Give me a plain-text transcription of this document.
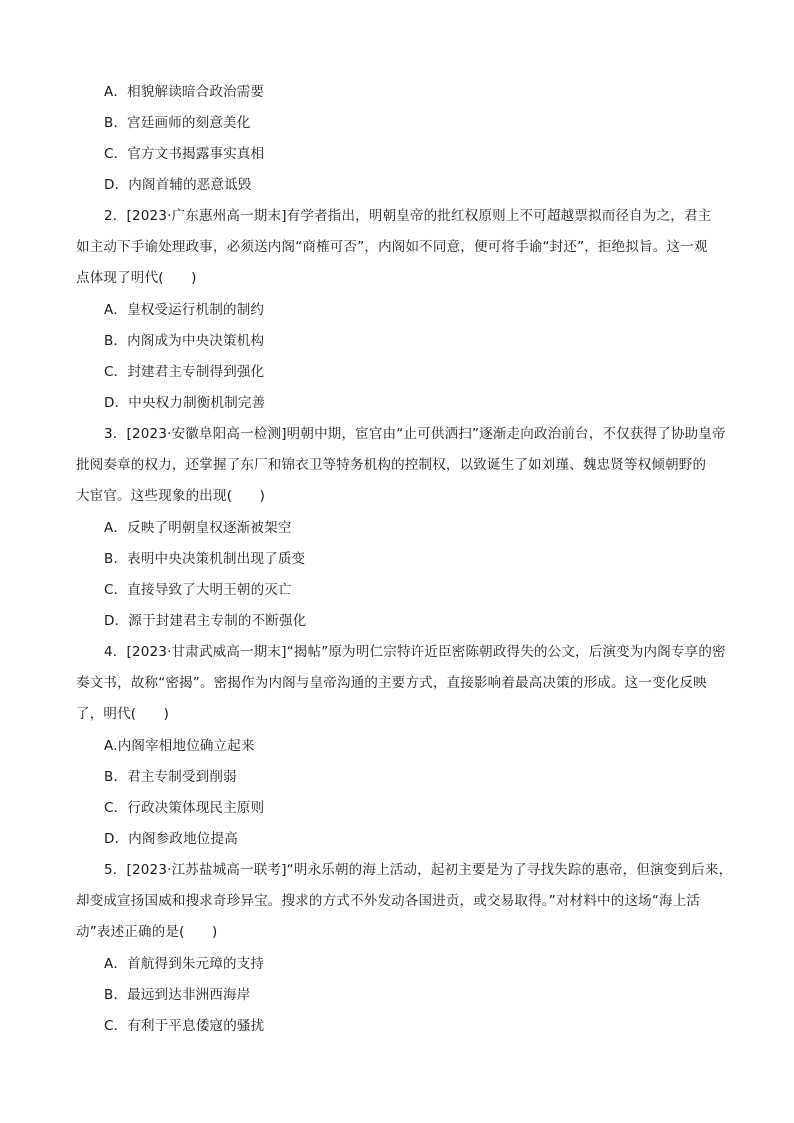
A．相貌解读暗合政治需要
B．宫廷画师的刻意美化
C．官方文书揭露事实真相
D．内阁首辅的恶意诋毁
2．[2023·广东惠州高一期末]有学者指出，明朝皇帝的批红权原则上不可超越票拟而径自为之，君主
如主动下手谕处理政事，必须送内阁“商榷可否”，内阁如不同意，便可将手谕“封还”，拒绝拟旨。这一观
点体现了明代(　　)
A．皇权受运行机制的制约
B．内阁成为中央决策机构
C．封建君主专制得到强化
D．中央权力制衡机制完善
3．[2023·安徽阜阳高一检测]明朝中期，宦官由“止可供洒扫”逐渐走向政治前台，不仅获得了协助皇帝
批阅奏章的权力，还掌握了东厂和锦衣卫等特务机构的控制权，以致诞生了如刘瑾、魏忠贤等权倾朝野的
大宦官。这些现象的出现(　　)
A．反映了明朝皇权逐渐被架空
B．表明中央决策机制出现了质变
C．直接导致了大明王朝的灭亡
D．源于封建君主专制的不断强化
4．[2023·甘肃武威高一期末]“揭帖”原为明仁宗特许近臣密陈朝政得失的公文，后演变为内阁专享的密
奏文书，故称“密揭”。密揭作为内阁与皇帝沟通的主要方式，直接影响着最高决策的形成。这一变化反映
了，明代(　　)
A.内阁宰相地位确立起来
B．君主专制受到削弱
C．行政决策体现民主原则
D．内阁参政地位提高
5．[2023·江苏盐城高一联考]“明永乐朝的海上活动，起初主要是为了寻找失踪的惠帝，但演变到后来，
却变成宣扬国威和搜求奇珍异宝。搜求的方式不外发动各国进贡，或交易取得。”对材料中的这场“海上活
动”表述正确的是(　　)
A．首航得到朱元璋的支持
B．最远到达非洲西海岸
C．有利于平息倭寇的骚扰
